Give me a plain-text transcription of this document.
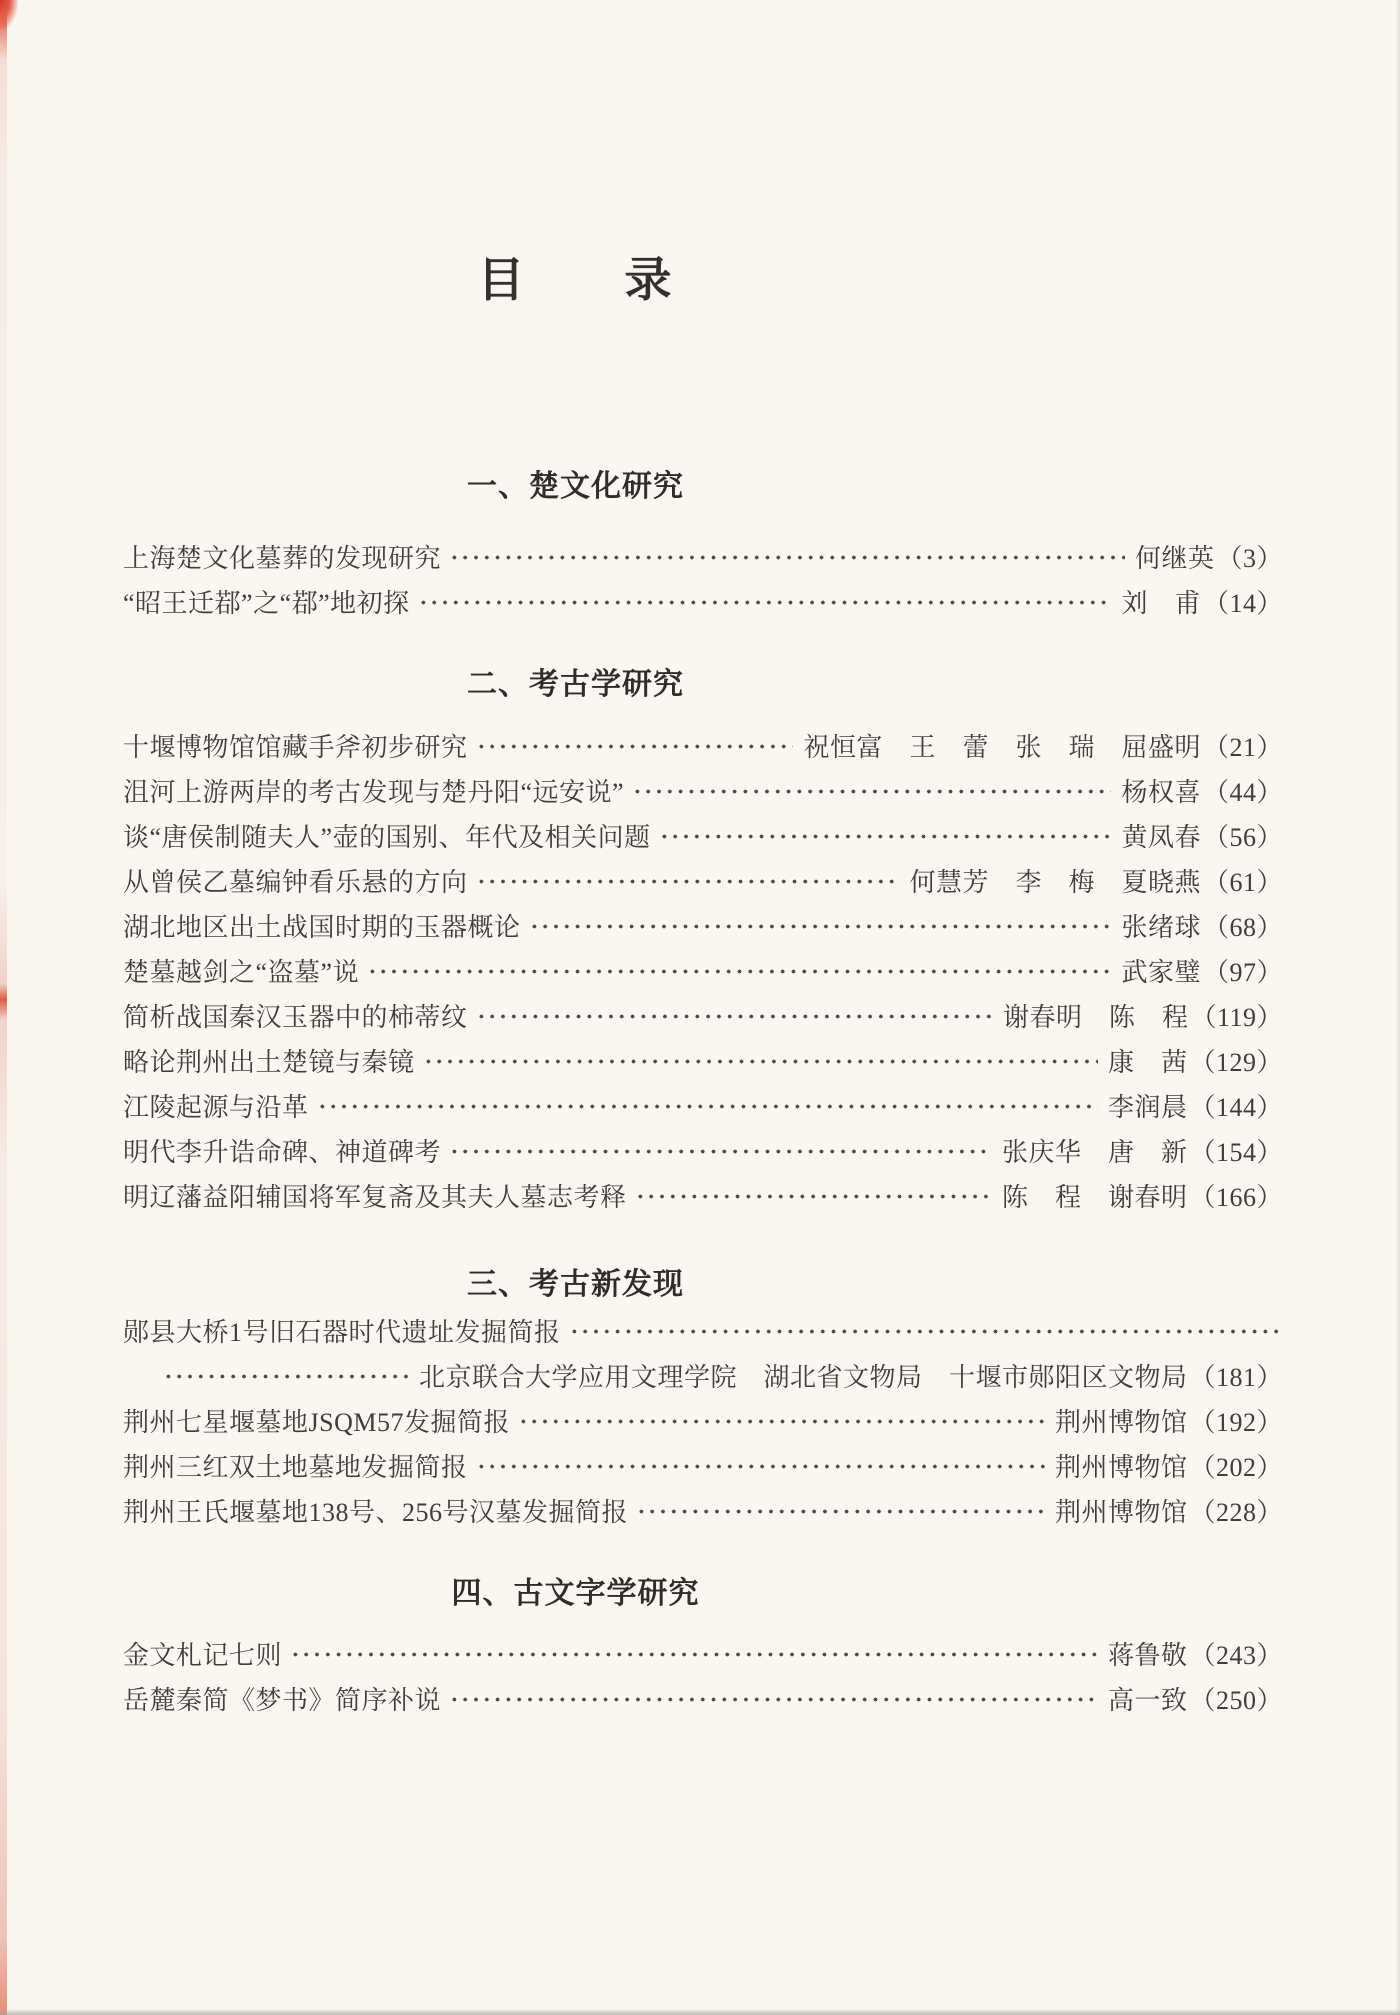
目　　录
一、楚文化研究
上海楚文化墓葬的发现研究	何继英 （3）
“昭王迁鄀”之“鄀”地初探	刘　甫 （14）
二、考古学研究
十堰博物馆馆藏手斧初步研究	祝恒富　王　蕾　张　瑞　屈盛明 （21）
沮河上游两岸的考古发现与楚丹阳“远安说”	杨权喜 （44）
谈“唐侯制随夫人”壶的国别、年代及相关问题	黄凤春 （56）
从曾侯乙墓编钟看乐悬的方向	何慧芳　李　梅　夏晓燕 （61）
湖北地区出土战国时期的玉器概论	张绪球 （68）
楚墓越剑之“盗墓”说	武家璧 （97）
简析战国秦汉玉器中的柿蒂纹	谢春明　陈　程 （119）
略论荆州出土楚镜与秦镜	康　茜 （129）
江陵起源与沿革	李润晨 （144）
明代李升诰命碑、神道碑考	张庆华　唐　新 （154）
明辽藩益阳辅国将军复斋及其夫人墓志考释	陈　程　谢春明 （166）
三、考古新发现
郧县大桥1号旧石器时代遗址发掘简报
北京联合大学应用文理学院　湖北省文物局　十堰市郧阳区文物局 （181）
荆州七星堰墓地JSQM57发掘简报	荆州博物馆 （192）
荆州三红双土地墓地发掘简报	荆州博物馆 （202）
荆州王氏堰墓地138号、256号汉墓发掘简报	荆州博物馆 （228）
四、古文字学研究
金文札记七则	蒋鲁敬 （243）
岳麓秦简《梦书》简序补说	高一致 （250）
